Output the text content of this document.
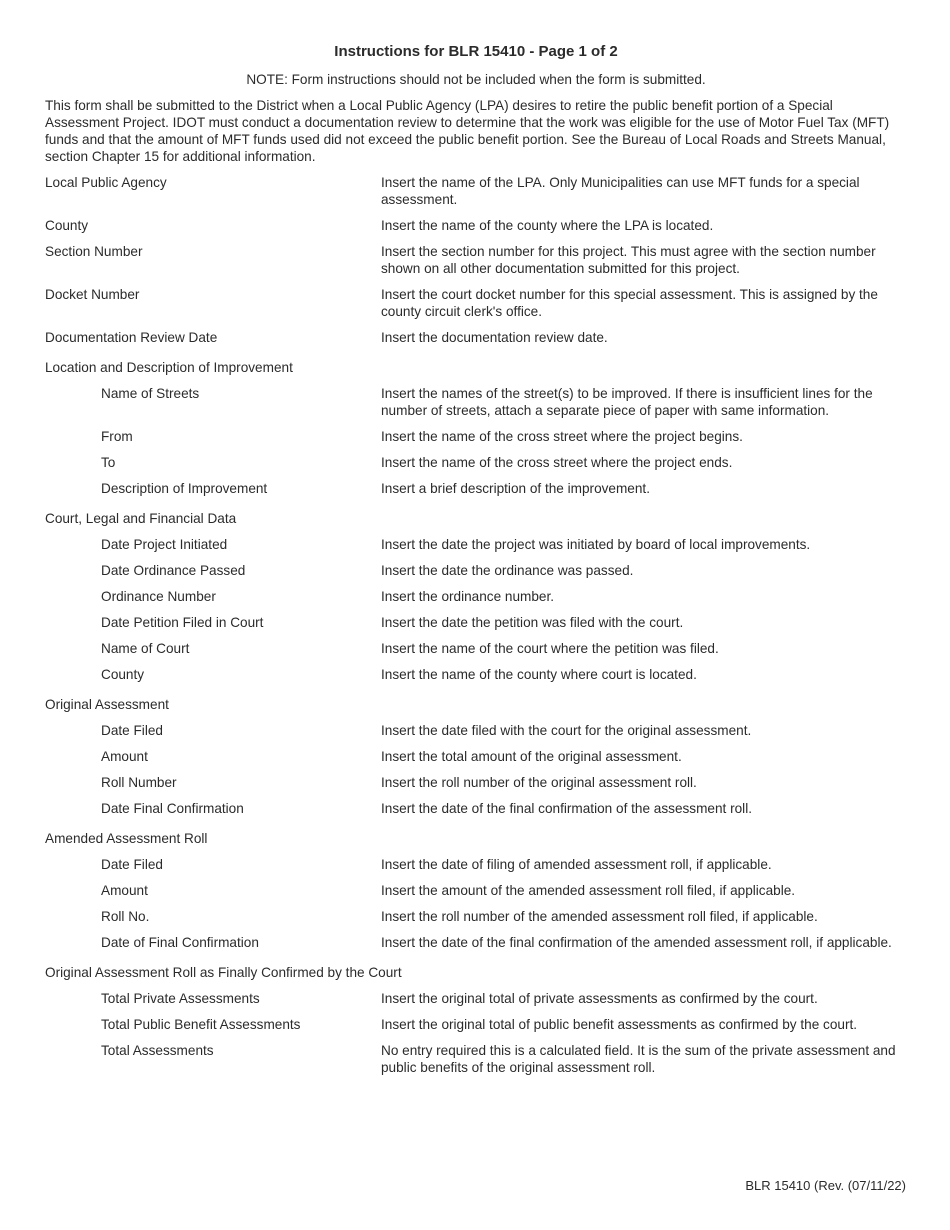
Instructions for BLR 15410 - Page 1 of 2
NOTE: Form instructions should not be included when the form is submitted.
This form shall be submitted to the District when a Local Public Agency (LPA) desires to retire the public benefit portion of a Special Assessment Project. IDOT must conduct a documentation review to determine that the work was eligible for the use of Motor Fuel Tax (MFT) funds and that the amount of MFT funds used did not exceed the public benefit portion. See the Bureau of Local Roads and Streets Manual, section Chapter 15 for additional information.
Local Public Agency	Insert the name of the LPA. Only Municipalities can use MFT funds for a special assessment.
County	Insert the name of the county where the LPA is located.
Section Number	Insert the section number for this project. This must agree with the section number shown on all other documentation submitted for this project.
Docket Number	Insert the court docket number for this special assessment. This is assigned by the county circuit clerk's office.
Documentation Review Date	Insert the documentation review date.
Location and Description of Improvement
Name of Streets	Insert the names of the street(s) to be improved. If there is insufficient lines for the number of streets, attach a separate piece of paper with same information.
From	Insert the name of the cross street where the project begins.
To	Insert the name of the cross street where the project ends.
Description of Improvement	Insert a brief description of the improvement.
Court, Legal and Financial Data
Date Project Initiated	Insert the date the project was initiated by board of local improvements.
Date Ordinance Passed	Insert the date the ordinance was passed.
Ordinance Number	Insert the ordinance number.
Date Petition Filed in Court	Insert the date the petition was filed with the court.
Name of Court	Insert the name of the court where the petition was filed.
County	Insert the name of the county where court is located.
Original Assessment
Date Filed	Insert the date filed with the court for the original assessment.
Amount	Insert the total amount of the original assessment.
Roll Number	Insert the roll number of the original assessment roll.
Date Final Confirmation	Insert the date of the final confirmation of the assessment roll.
Amended Assessment Roll
Date Filed	Insert the date of filing of amended assessment roll, if applicable.
Amount	Insert the amount of the amended assessment roll filed, if applicable.
Roll No.	Insert the roll number of the amended assessment roll filed, if applicable.
Date of Final Confirmation	Insert the date of the final confirmation of the amended assessment roll, if applicable.
Original Assessment Roll as Finally Confirmed by the Court
Total Private Assessments	Insert the original total of private assessments as confirmed by the court.
Total Public Benefit Assessments	Insert the original total of public benefit assessments as confirmed by the court.
Total Assessments	No entry required this is a calculated field. It is the sum of the private assessment and public benefits of the original assessment roll.
BLR 15410 (Rev. (07/11/22)
